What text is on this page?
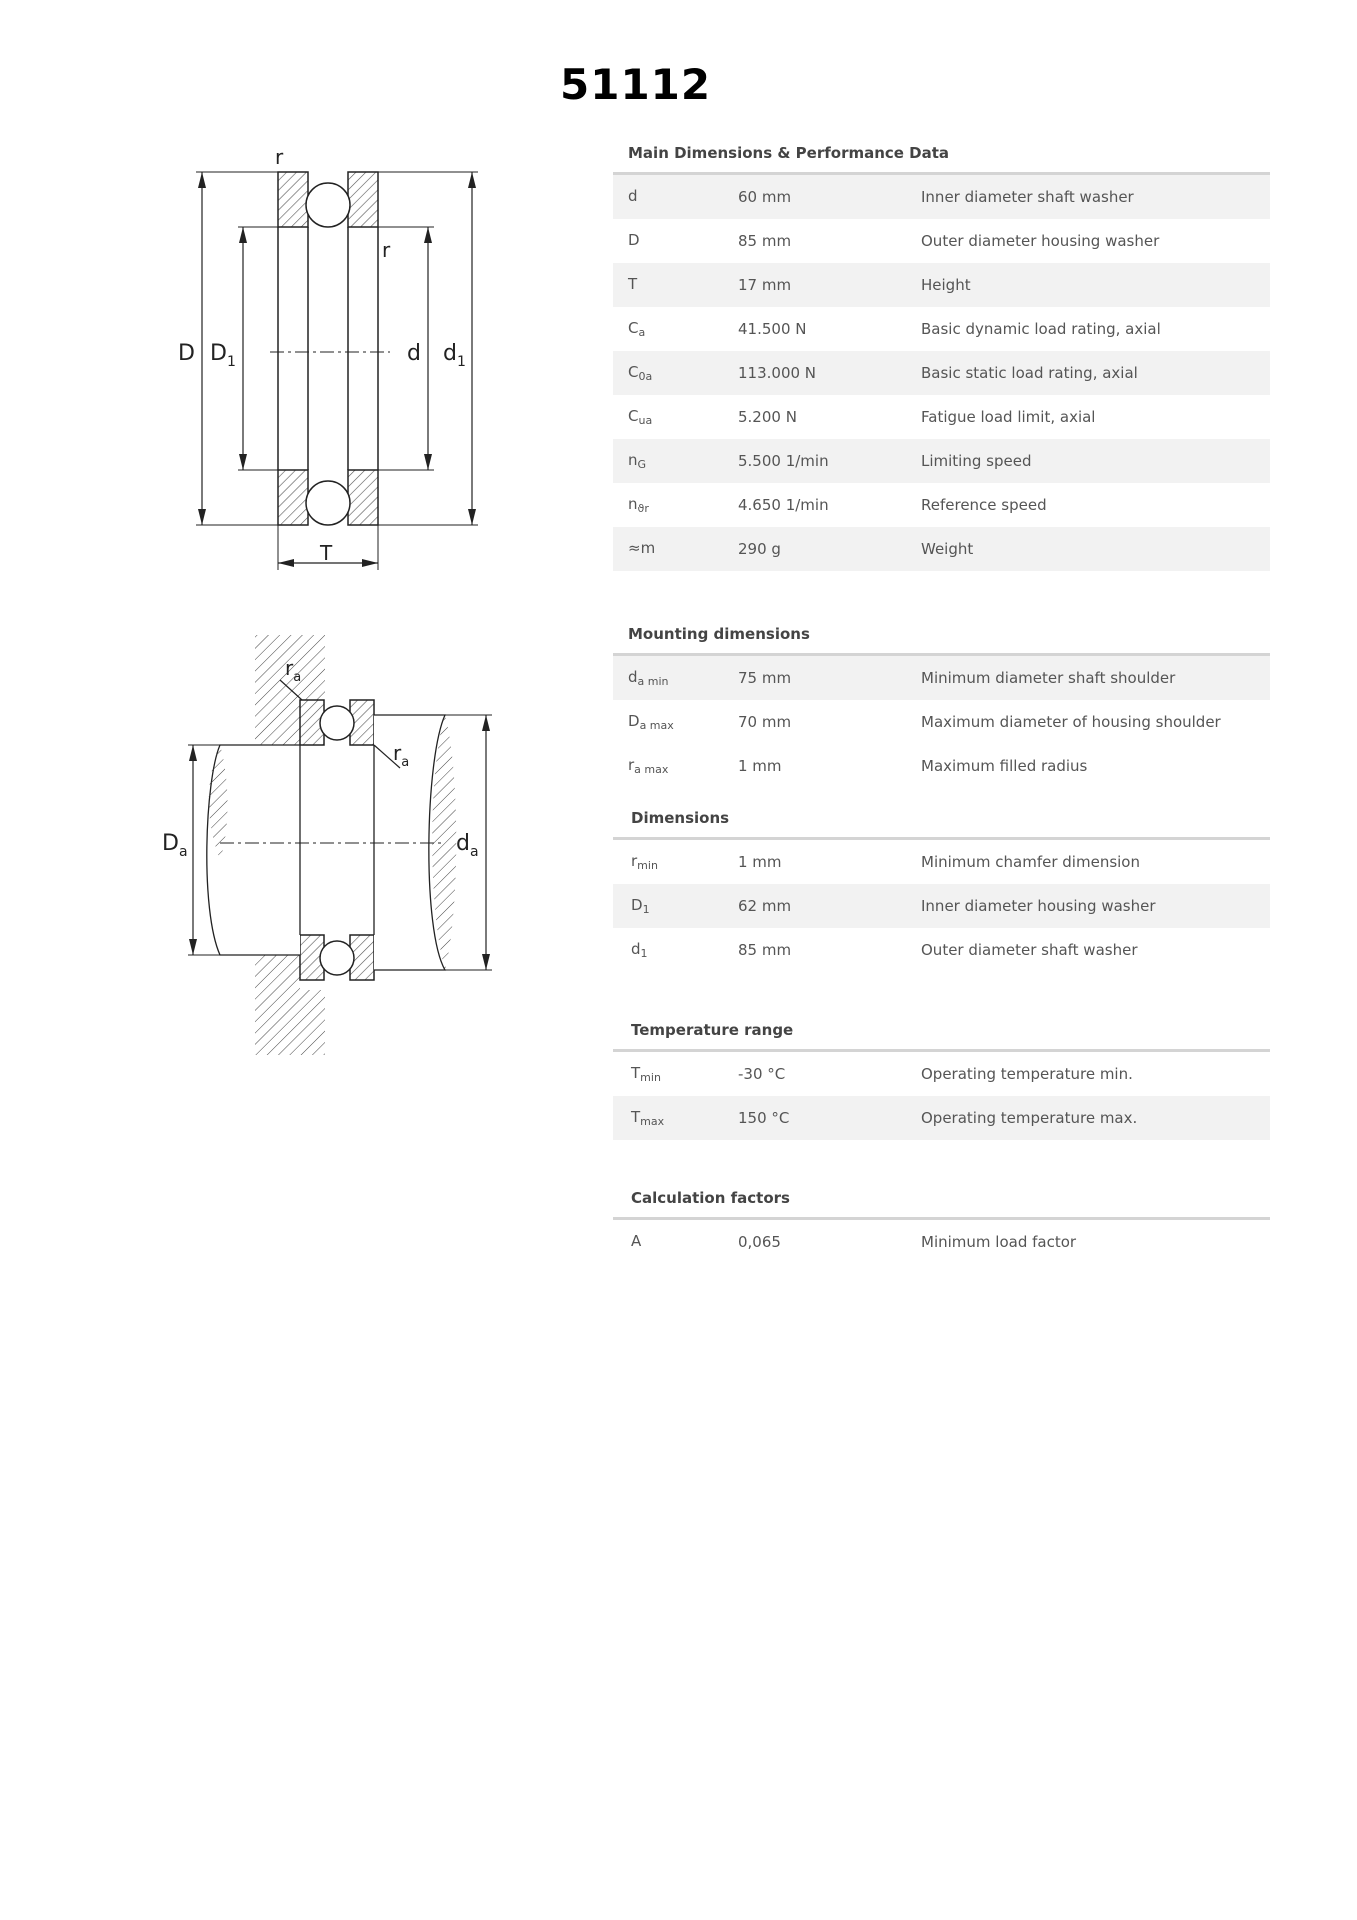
51112
r
r
D $D_1$	d $d_1$
T
$r_a$
$r_a$
$D_a$	$d_a$
Main Dimensions & Performance Data
d	60 mm	Inner diameter shaft washer
D	85 mm	Outer diameter housing washer
T	17 mm	Height
$C_a$	41.500 N	Basic dynamic load rating, axial
$C_{0a}$	113.000 N	Basic static load rating, axial
$C_{ua}$	5.200 N	Fatigue load limit, axial
$n_G$	5.500 1/min	Limiting speed
$n_{ϑr}$	4.650 1/min	Reference speed
≈m	290 g	Weight
Mounting dimensions
$d_{a min}$	75 mm	Minimum diameter shaft shoulder
$D_{a max}$	70 mm	Maximum diameter of housing shoulder
$r_{a max}$	1 mm	Maximum filled radius
Dimensions
$r_{min}$	1 mm	Minimum chamfer dimension
$D_1$	62 mm	Inner diameter housing washer
$d_1$	85 mm	Outer diameter shaft washer
Temperature range
$T_{min}$	-30 °C	Operating temperature min.
$T_{max}$	150 °C	Operating temperature max.
Calculation factors
A	0,065	Minimum load factor
